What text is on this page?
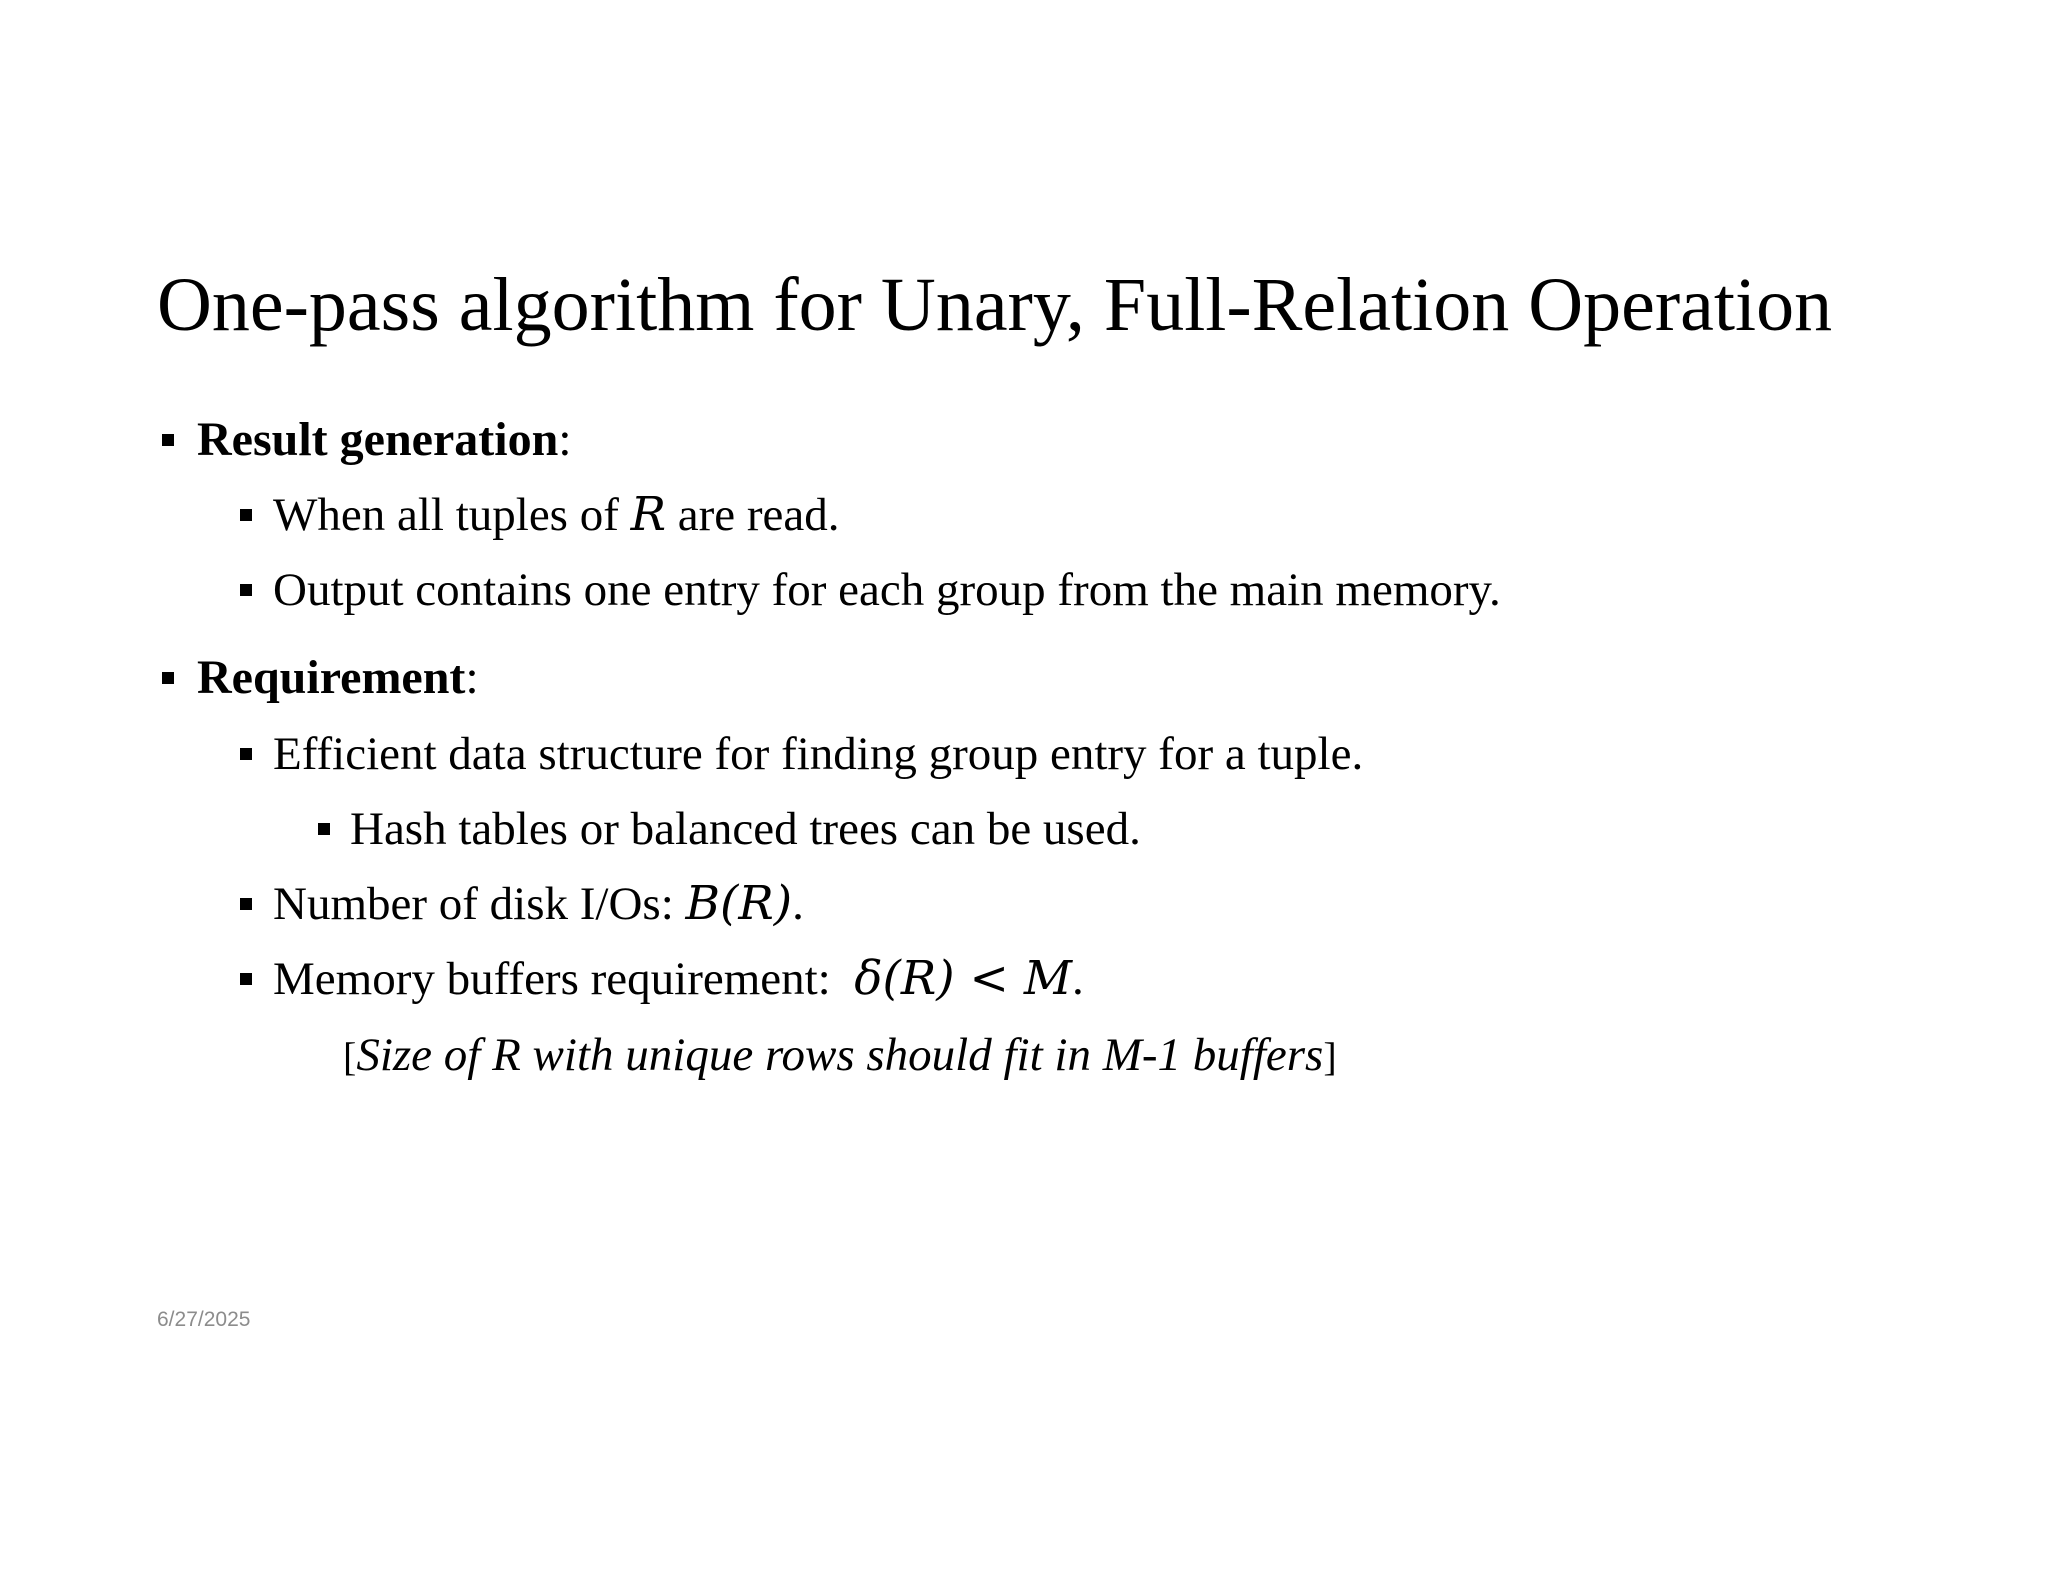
One-pass algorithm for Unary, Full-Relation Operation
Result generation:
When all tuples of R are read.
Output contains one entry for each group from the main memory.
Requirement:
Efficient data structure for finding group entry for a tuple.
Hash tables or balanced trees can be used.
Number of disk I/Os: B(R).
Memory buffers requirement:  δ(R) < M.
[Size of R with unique rows should fit in M-1 buffers]
6/27/2025
